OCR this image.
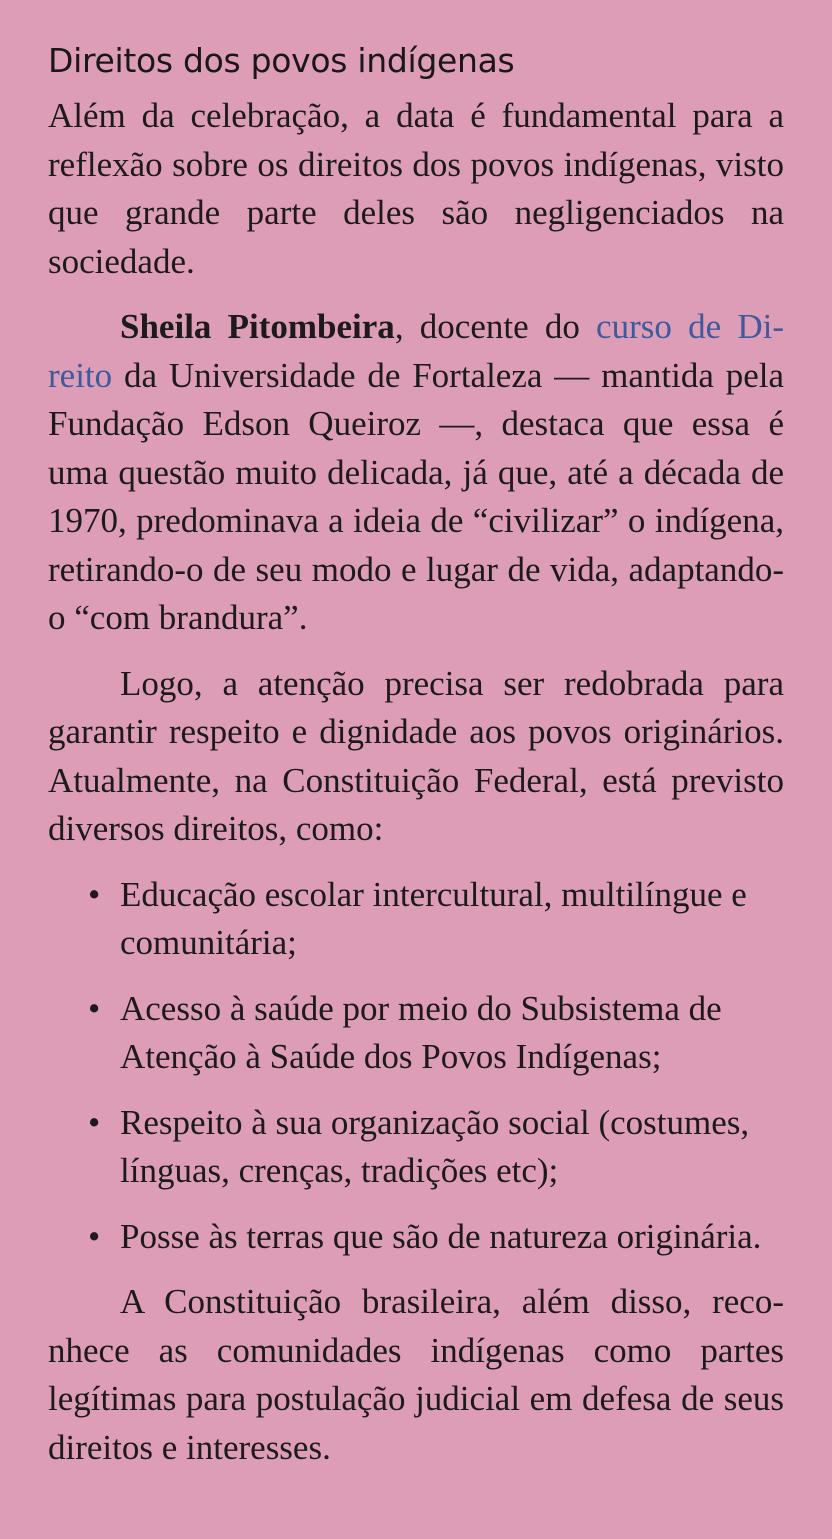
Direitos dos povos indígenas

Além da celebração, a data é fundamental para a reflexão sobre os direitos dos povos indígenas, visto que grande parte deles são negligenciados na sociedade.

Sheila Pitombeira, docente do curso de Direito da Universidade de Fortaleza — mantida pela Fundação Edson Queiroz —, destaca que essa é uma questão muito delicada, já que, até a década de 1970, predominava a ideia de “civilizar” o indígena, retirando-o de seu modo e lugar de vida, adaptando-o “com brandura”.

Logo, a atenção precisa ser redobrada para garantir respeito e dignidade aos povos originários. Atualmente, na Constituição Federal, está previsto diversos direitos, como:

• Educação escolar intercultural, multilíngue e comunitária;
• Acesso à saúde por meio do Subsistema de Atenção à Saúde dos Povos Indígenas;
• Respeito à sua organização social (costumes, línguas, crenças, tradições etc);
• Posse às terras que são de natureza originária.

A Constituição brasileira, além disso, reconhece as comunidades indígenas como partes legítimas para postulação judicial em defesa de seus direitos e interesses.
